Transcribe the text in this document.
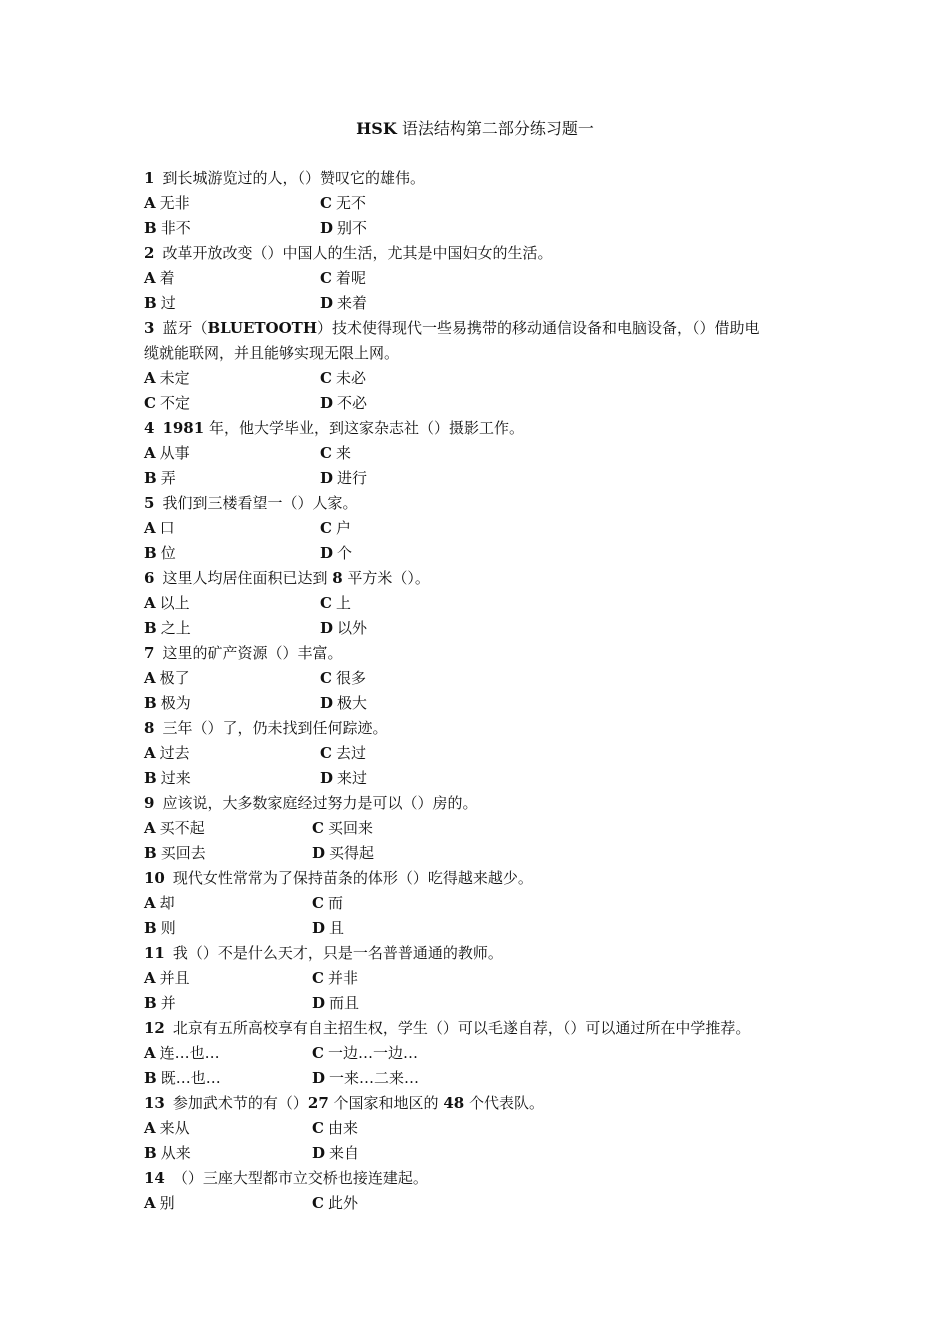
HSK 语法结构第二部分练习题一
1 到长城游览过的人，（）赞叹它的雄伟。
A 无非	C 无不
B 非不	D 别不
2 改革开放改变（）中国人的生活，尤其是中国妇女的生活。
A 着	C 着呢
B 过	D 来着
3 蓝牙（BLUETOOTH）技术使得现代一些易携带的移动通信设备和电脑设备，（）借助电
缆就能联网，并且能够实现无限上网。
A 未定	C 未必
C 不定	D 不必
4 1981 年，他大学毕业，到这家杂志社（）摄影工作。
A 从事	C 来
B 弄	D 进行
5 我们到三楼看望一（）人家。
A 口	C 户
B 位	D 个
6 这里人均居住面积已达到 8 平方米（）。
A 以上	C 上
B 之上	D 以外
7 这里的矿产资源（）丰富。
A 极了	C 很多
B 极为	D 极大
8 三年（）了，仍未找到任何踪迹。
A 过去	C 去过
B 过来	D 来过
9 应该说，大多数家庭经过努力是可以（）房的。
A 买不起	C 买回来
B 买回去	D 买得起
10 现代女性常常为了保持苗条的体形（）吃得越来越少。
A 却	C 而
B 则	D 且
11 我（）不是什么天才，只是一名普普通通的教师。
A 并且	C 并非
B 并	D 而且
12 北京有五所高校享有自主招生权，学生（）可以毛遂自荐，（）可以通过所在中学推荐。
A 连…也…	C 一边…一边…
B 既…也…	D 一来…二来…
13 参加武术节的有（）27 个国家和地区的 48 个代表队。
A 来从	C 由来
B 从来	D 来自
14 （）三座大型都市立交桥也接连建起。
A 别	C 此外
